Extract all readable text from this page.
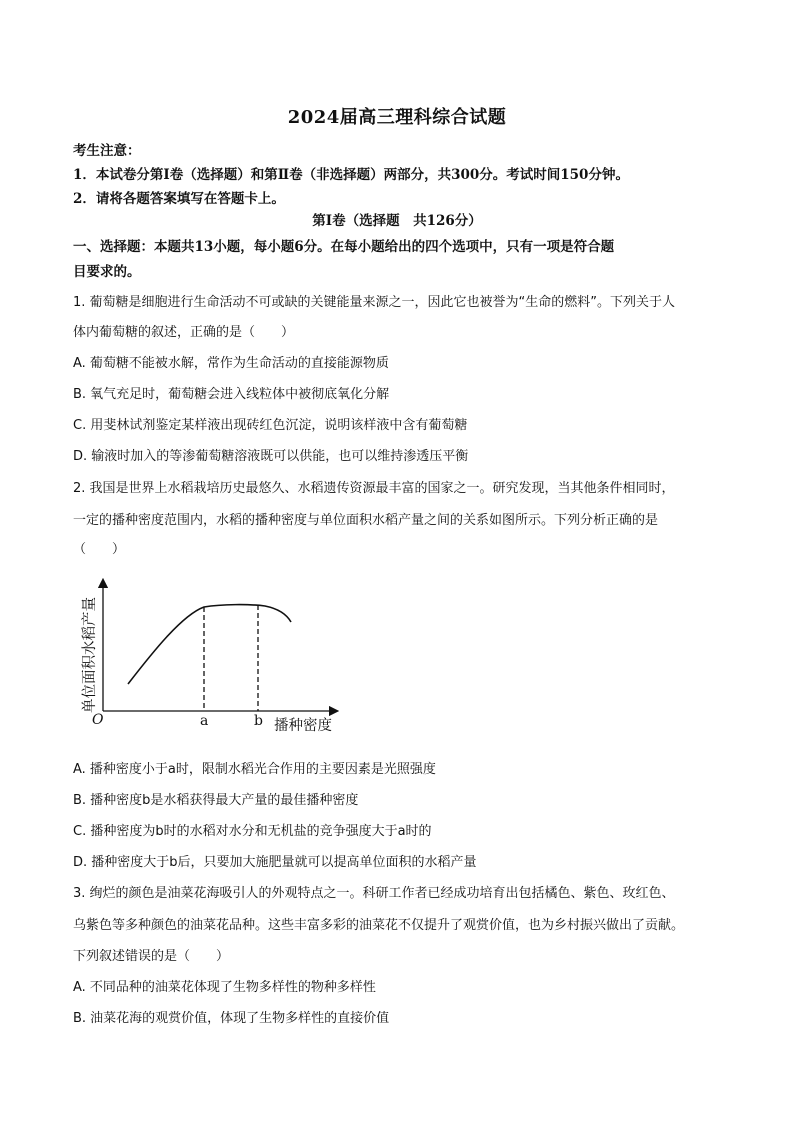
2024届高三理科综合试题
考生注意：
1．本试卷分第Ⅰ卷（选择题）和第Ⅱ卷（非选择题）两部分，共300分。考试时间150分钟。
2．请将各题答案填写在答题卡上。
第Ⅰ卷（选择题　共126分）
一、选择题：本题共13小题，每小题6分。在每小题给出的四个选项中，只有一项是符合题
目要求的。
1. 葡萄糖是细胞进行生命活动不可或缺的关键能量来源之一，因此它也被誉为“生命的燃料”。下列关于人
体内葡萄糖的叙述，正确的是（　　）
A. 葡萄糖不能被水解，常作为生命活动的直接能源物质
B. 氧气充足时，葡萄糖会进入线粒体中被彻底氧化分解
C. 用斐林试剂鉴定某样液出现砖红色沉淀，说明该样液中含有葡萄糖
D. 输液时加入的等渗葡萄糖溶液既可以供能，也可以维持渗透压平衡
2. 我国是世界上水稻栽培历史最悠久、水稻遗传资源最丰富的国家之一。研究发现，当其他条件相同时，
一定的播种密度范围内，水稻的播种密度与单位面积水稻产量之间的关系如图所示。下列分析正确的是
（　　）
O	a	b 播种密度
单位面积水稻产量
A. 播种密度小于a时，限制水稻光合作用的主要因素是光照强度
B. 播种密度b是水稻获得最大产量的最佳播种密度
C. 播种密度为b时的水稻对水分和无机盐的竞争强度大于a时的
D. 播种密度大于b后，只要加大施肥量就可以提高单位面积的水稻产量
3. 绚烂的颜色是油菜花海吸引人的外观特点之一。科研工作者已经成功培育出包括橘色、紫色、玫红色、
乌紫色等多种颜色的油菜花品种。这些丰富多彩的油菜花不仅提升了观赏价值，也为乡村振兴做出了贡献。
下列叙述错误的是（　　）
A. 不同品种的油菜花体现了生物多样性的物种多样性
B. 油菜花海的观赏价值，体现了生物多样性的直接价值
